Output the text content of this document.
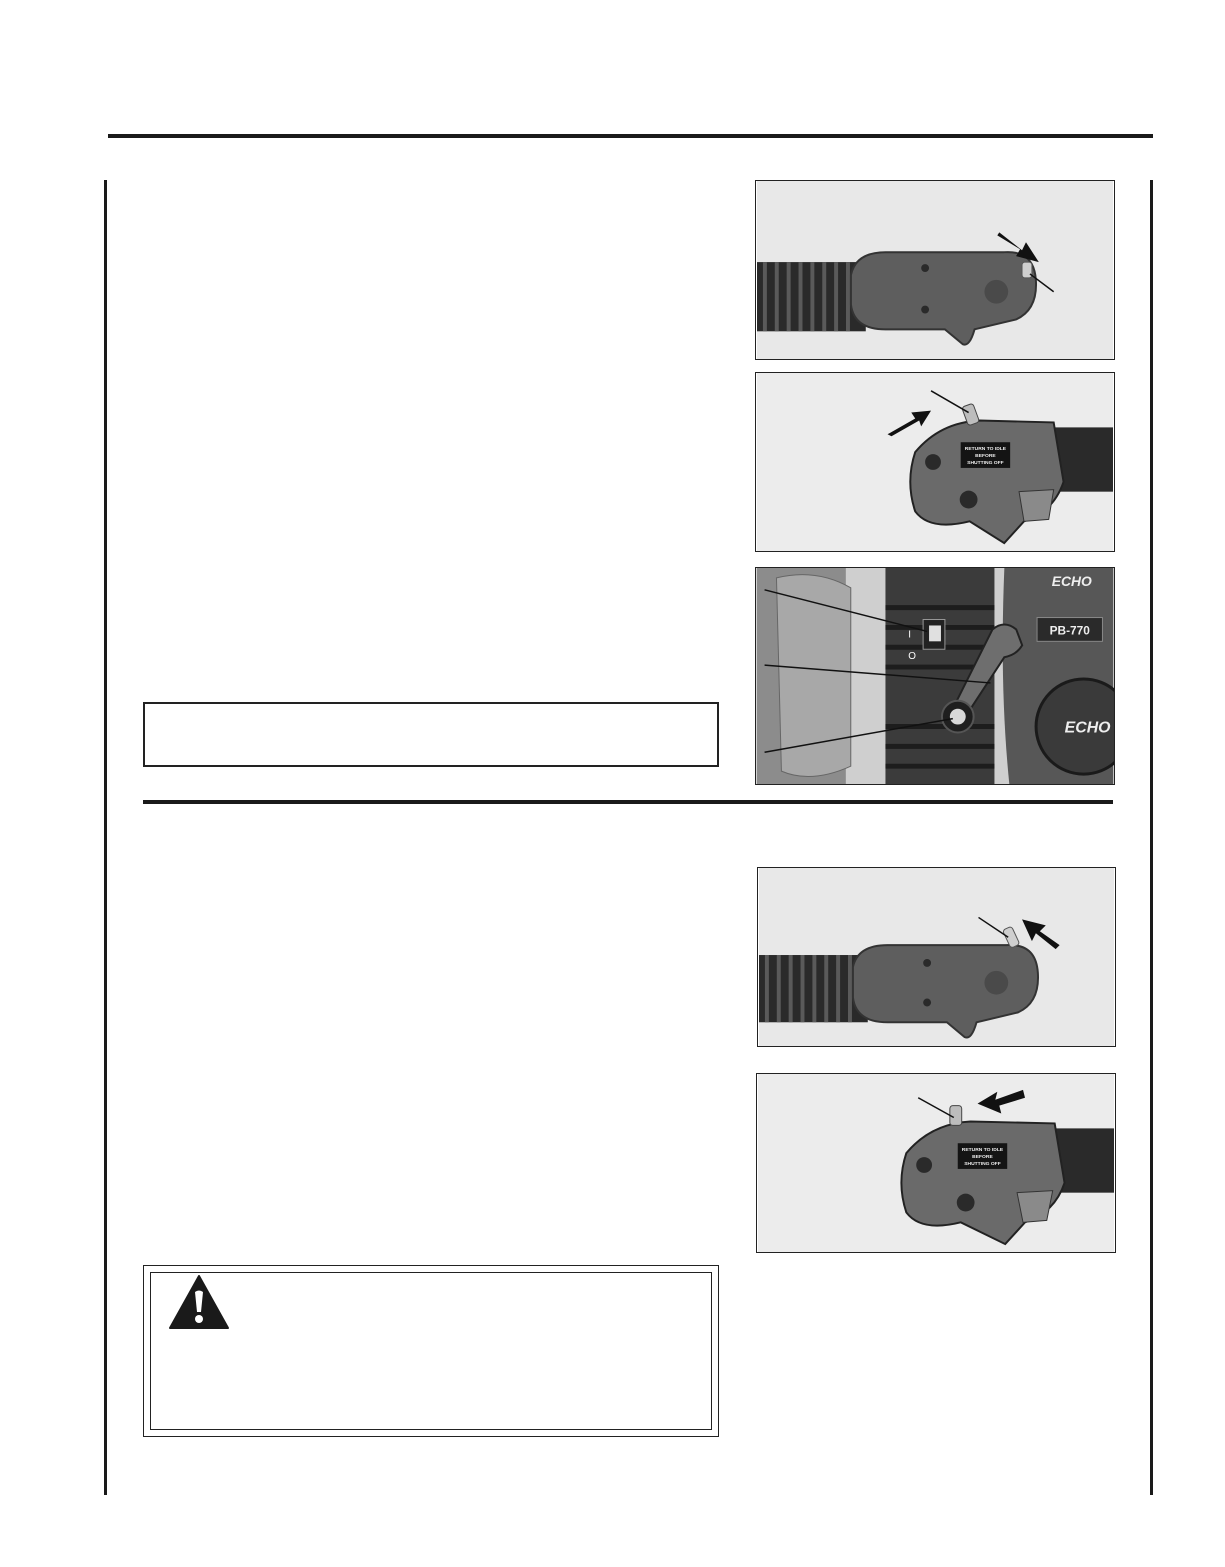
RETURN TO IDLE
BEFORE
SHUTTING OFF
ECHO
PB-770
ECHO
I
O
RETURN TO IDLE
BEFORE
SHUTTING OFF
